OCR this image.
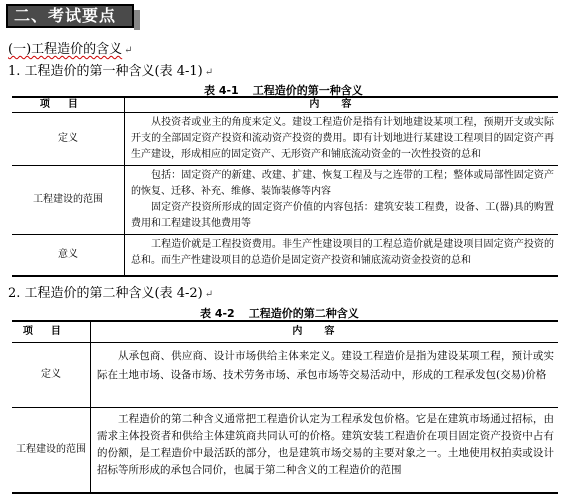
二、考试要点
(一)工程造价的含义 ↵
1. 工程造价的第一种含义(表 4-1) ↵
表 4-1 工程造价的第一种含义
项目	内容
定义

从投资者或业主的角度来定义。建设工程造价是指有计划地建设某项工程，预期开支或实际开支的全部固定资产投资和流动资产投资的费用。即有计划地进行某建设工程项目的固定资产再生产建设，形成相应的固定资产、无形资产和铺底流动资金的一次性投资的总和

工程建设的范围

包括：固定资产的新建、改建、扩建、恢复工程及与之连带的工程；整体或局部性固定资产的恢复、迁移、补充、维修、装饰装修等内容

固定资产投资所形成的固定资产价值的内容包括：建筑安装工程费，设备、工(器)具的购置费用和工程建设其他费用等

意义

工程造价就是工程投资费用。非生产性建设项目的工程总造价就是建设项目固定资产投资的总和。而生产性建设项目的总造价是固定资产投资和铺底流动资金投资的总和

2. 工程造价的第二种含义(表 4-2) ↵
表 4-2 工程造价的第二种含义
项目	内容
定义

从承包商、供应商、设计市场供给主体来定义。建设工程造价是指为建设某项工程，预计或实际在土地市场、设备市场、技术劳务市场、承包市场等交易活动中，形成的工程承发包(交易)价格

工程建设的范围

工程造价的第二种含义通常把工程造价认定为工程承发包价格。它是在建筑市场通过招标，由需求主体投资者和供给主体建筑商共同认可的价格。建筑安装工程造价在项目固定资产投资中占有的份额，是工程造价中最活跃的部分，也是建筑市场交易的主要对象之一。土地使用权拍卖或设计招标等所形成的承包合同价，也属于第二种含义的工程造价的范围
